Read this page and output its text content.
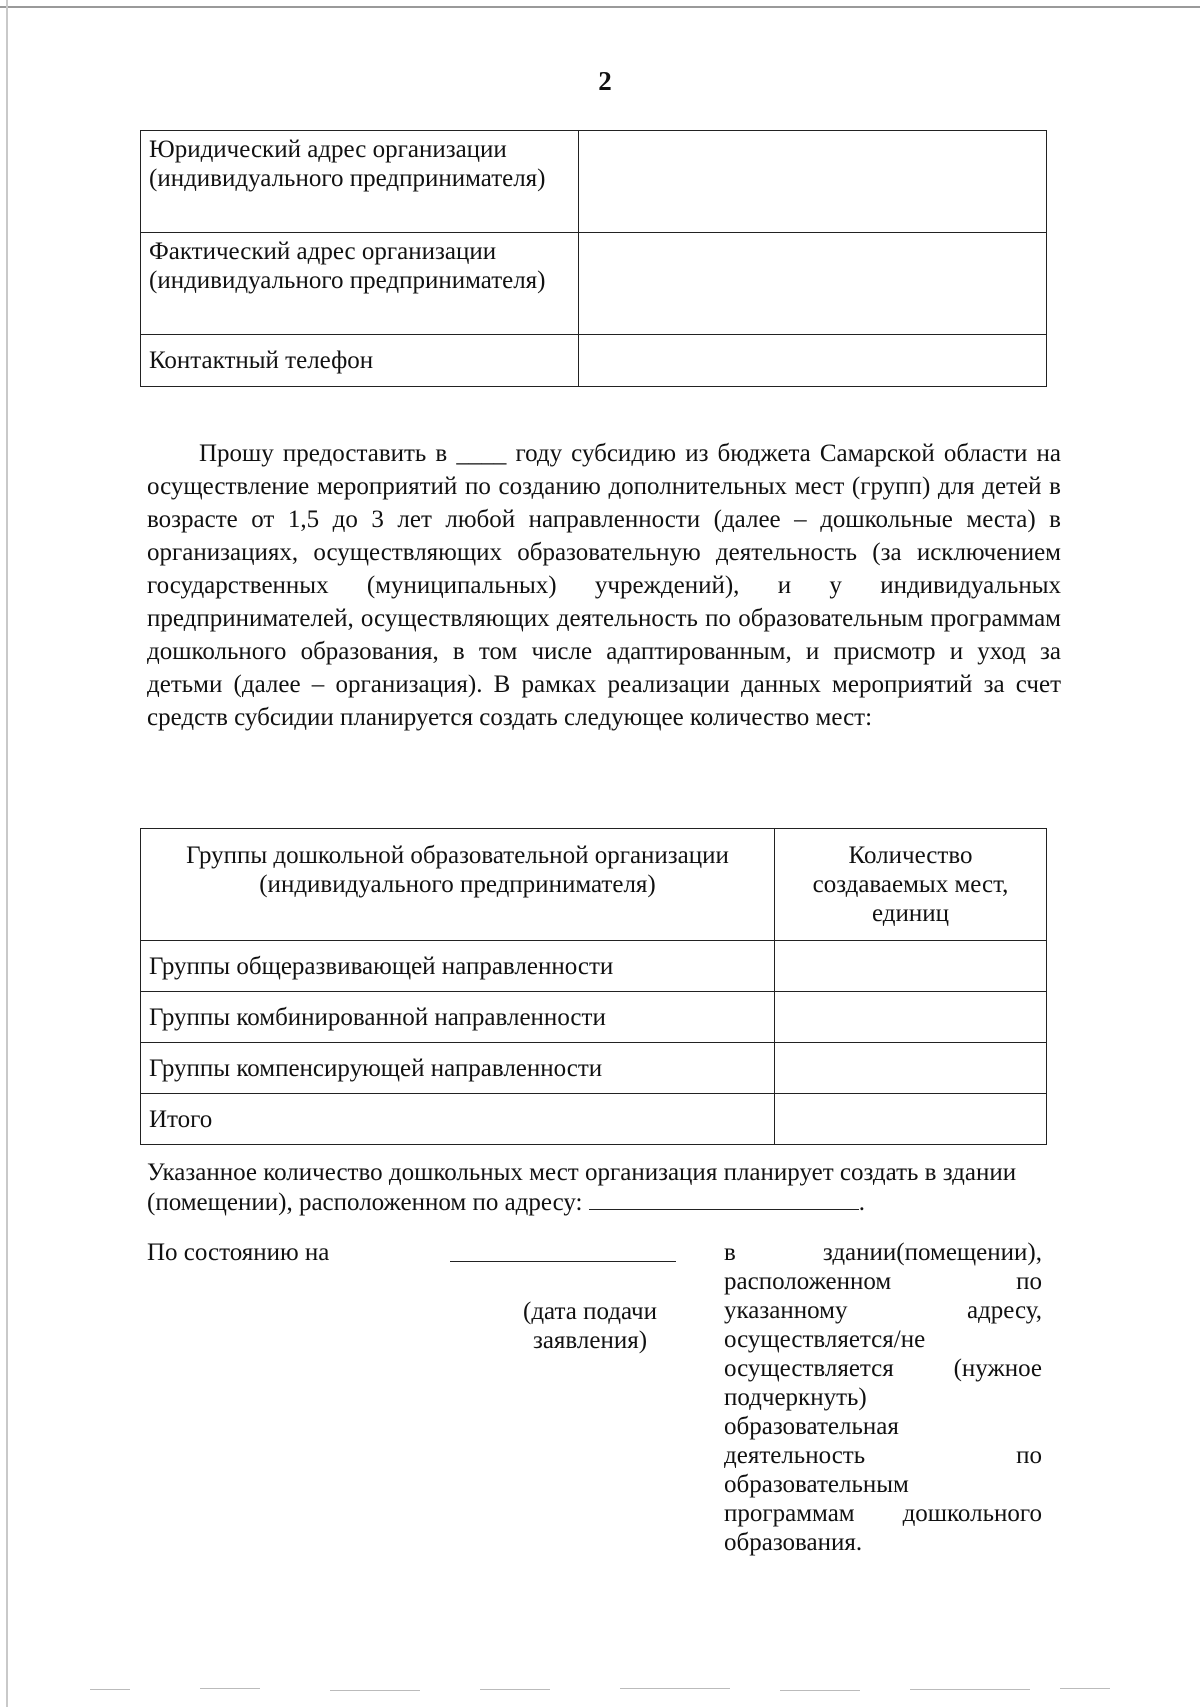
2
Юридический адрес организации (индивидуального предпринимателя)	
Фактический адрес организации (индивидуального предпринимателя)	
Контактный телефон	
Прошу предоставить в ____ году субсидию из бюджета Самарской области на осуществление мероприятий по созданию дополнительных мест (групп) для детей в возрасте от 1,5 до 3 лет любой направленности (далее – дошкольные места) в организациях, осуществляющих образовательную деятельность (за исключением государственных (муниципальных) учреждений), и у индивидуальных предпринимателей, осуществляющих деятельность по образовательным программам дошкольного образования, в том числе адаптированным, и присмотр и уход за детьми (далее – организация). В рамках реализации данных мероприятий за счет средств субсидии планируется создать следующее количество мест:
Группы дошкольной образовательной организации (индивидуального предпринимателя)	Количество создаваемых мест, единиц
Группы общеразвивающей направленности	
Группы комбинированной направленности	
Группы компенсирующей направленности	
Итого	
Указанное количество дошкольных мест организация планирует создать в здании (помещении), расположенном по адресу:	.
По состоянию на
(дата подачи заявления)
в здании(помещении), расположенном по указанному адресу, осуществляется/не осуществляется (нужное подчеркнуть) образовательная деятельность по образовательным программам дошкольного образования.
